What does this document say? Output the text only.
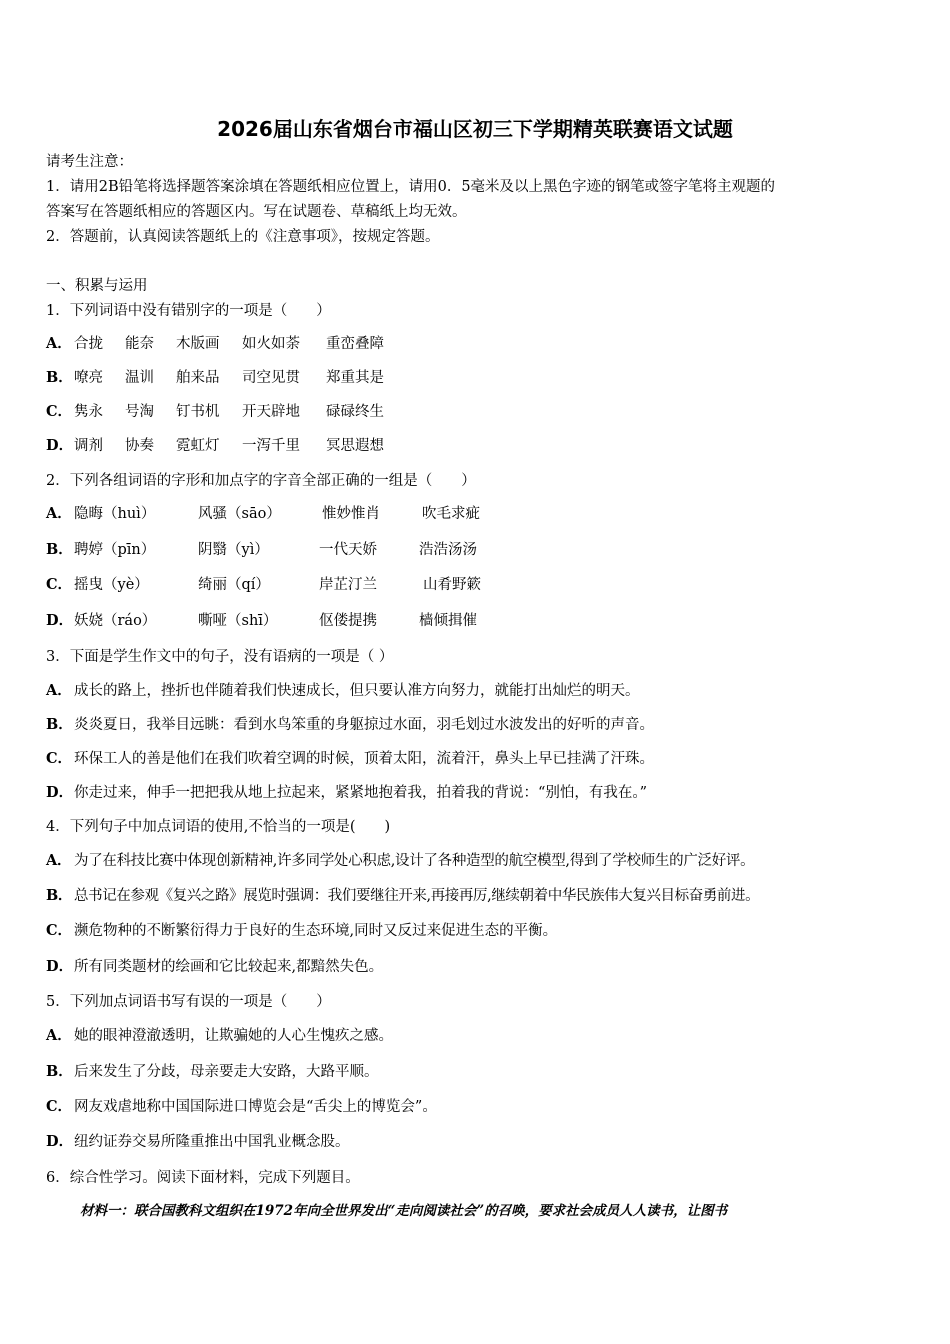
2026届山东省烟台市福山区初三下学期精英联赛语文试题
请考生注意：
1．请用2B铅笔将选择题答案涂填在答题纸相应位置上，请用0．5毫米及以上黑色字迹的钢笔或签字笔将主观题的
答案写在答题纸相应的答题区内。写在试题卷、草稿纸上均无效。
2．答题前，认真阅读答题纸上的《注意事项》，按规定答题。
一、积累与运用
1．下列词语中没有错别字的一项是（　　）
A． 合拢 能奈 木版画 如火如荼 重峦叠障
B．嘹亮 温训 舶来品 司空见贯 郑重其是
C． 隽永 号淘 钉书机 开天辟地 碌碌终生
D．调剂 协奏 霓虹灯 一泻千里 冥思遐想
2．下列各组词语的字形和加点字的字音全部正确的一组是（　　）
A． 隐晦（huì）	风骚（sāo）	惟妙惟肖	吹毛求疵
B．聘婷（pīn）	阴翳（yì）	一代天娇	浩浩汤汤
C． 摇曳（yè）	绮丽（qí）	岸芷汀兰	山肴野簌
D．妖娆（ráo）	嘶哑（shī）	伛偻提携	樯倾揖催
3．下面是学生作文中的句子，没有语病的一项是（ ）
A． 成长的路上，挫折也伴随着我们快速成长，但只要认准方向努力，就能打出灿烂的明天。
B．炎炎夏日，我举目远眺：看到水鸟笨重的身躯掠过水面，羽毛划过水波发出的好听的声音。
C． 环保工人的善是他们在我们吹着空调的时候，顶着太阳，流着汗，鼻头上早已挂满了汗珠。
D．你走过来，伸手一把把我从地上拉起来，紧紧地抱着我，拍着我的背说：“别怕，有我在。”
4．下列句子中加点词语的使用,不恰当的一项是(　　)
A． 为了在科技比赛中体现创新精神,许多同学处心积虑,设计了各种造型的航空模型,得到了学校师生的广泛好评。
B． 总书记在参观《复兴之路》展览时强调：我们要继往开来,再接再厉,继续朝着中华民族伟大复兴目标奋勇前进。
C． 濒危物种的不断繁衍得力于良好的生态环境,同时又反过来促进生态的平衡。
D．所有同类题材的绘画和它比较起来,都黯然失色。
5．下列加点词语书写有误的一项是（　　）
A． 她的眼神澄澈透明，让欺骗她的人心生愧疚之感。
B．后来发生了分歧，母亲要走大安路，大路平顺。
C． 网友戏虐地称中国国际进口博览会是“舌尖上的博览会”。
D．纽约证券交易所隆重推出中国乳业概念股。
6．综合性学习。阅读下面材料，完成下列题目。
材料一：联合国教科文组织在1972年向全世界发出“走向阅读社会”的召唤，要求社会成员人人读书，让图书
